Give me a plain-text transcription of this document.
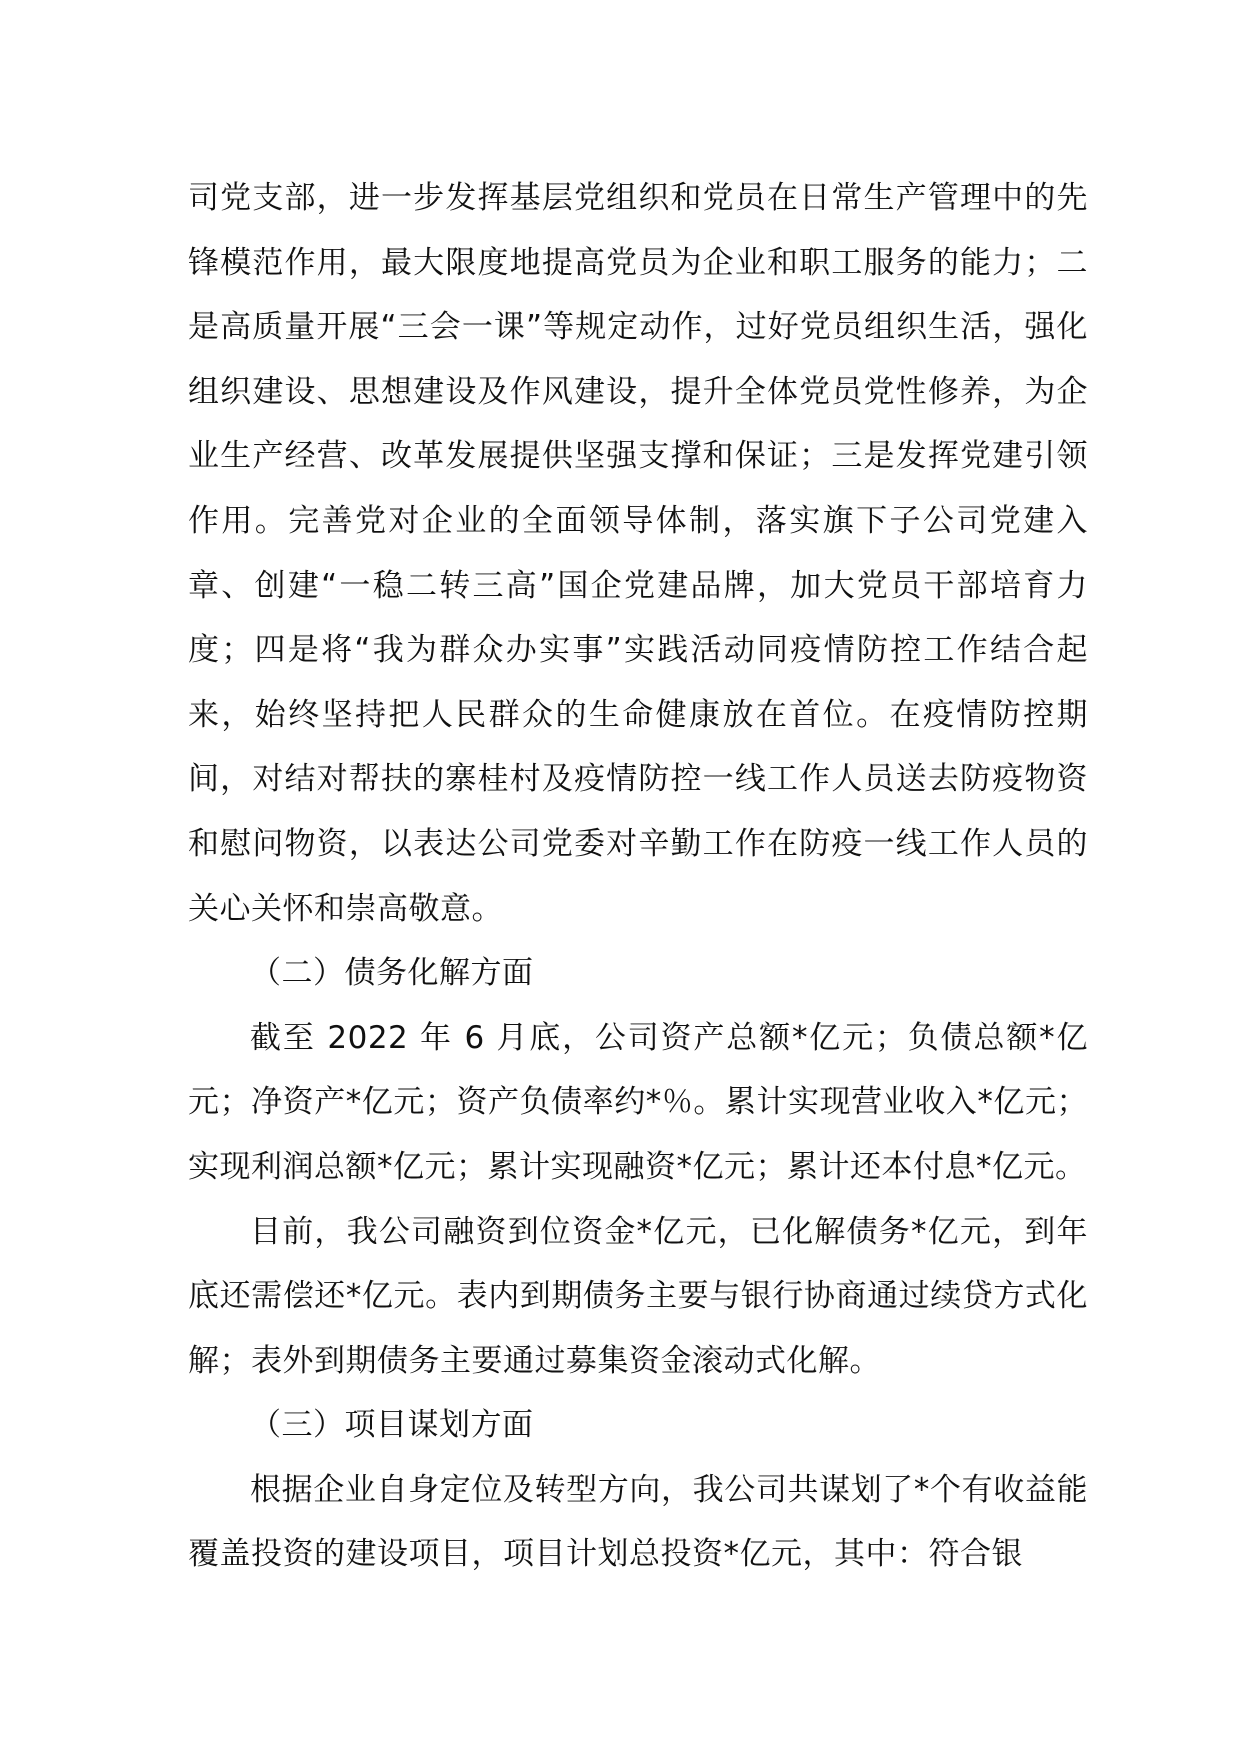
司党支部，进一步发挥基层党组织和党员在日常生产管理中的先锋模范作用，最大限度地提高党员为企业和职工服务的能力；二是高质量开展“三会一课”等规定动作，过好党员组织生活，强化组织建设、思想建设及作风建设，提升全体党员党性修养，为企业生产经营、改革发展提供坚强支撑和保证；三是发挥党建引领作用。完善党对企业的全面领导体制，落实旗下子公司党建入章、创建“一稳二转三高”国企党建品牌，加大党员干部培育力度；四是将“我为群众办实事”实践活动同疫情防控工作结合起来，始终坚持把人民群众的生命健康放在首位。在疫情防控期间，对结对帮扶的寨桂村及疫情防控一线工作人员送去防疫物资和慰问物资，以表达公司党委对辛勤工作在防疫一线工作人员的关心关怀和崇高敬意。

（二）债务化解方面

截至 2022 年 6 月底，公司资产总额*亿元；负债总额*亿元；净资产*亿元；资产负债率约*％。累计实现营业收入*亿元；实现利润总额*亿元；累计实现融资*亿元；累计还本付息*亿元。

目前，我公司融资到位资金*亿元，已化解债务*亿元，到年底还需偿还*亿元。表内到期债务主要与银行协商通过续贷方式化解；表外到期债务主要通过募集资金滚动式化解。

（三）项目谋划方面

根据企业自身定位及转型方向，我公司共谋划了*个有收益能覆盖投资的建设项目，项目计划总投资*亿元，其中：符合银
